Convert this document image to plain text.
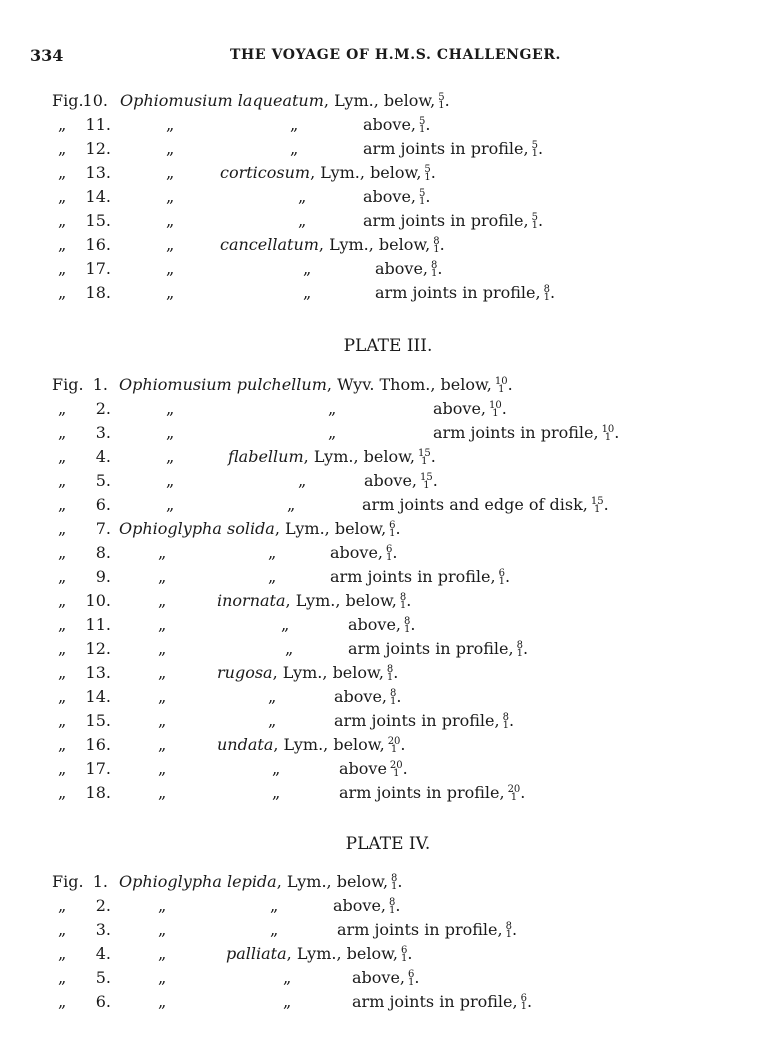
334	THE VOYAGE OF H.M.S. CHALLENGER.
Fig. 10. Ophiomusium laqueatum, Lym., below, 5
1 .
„	11.	„	„	above, 5
1 .
„	12.	„	„	arm joints in profile, 5
1 .
„	13.	„	corticosum, Lym., below, 5
1 .
„	14.	„	„	above, 5
1 .
„	15.	„	„	arm joints in profile, 5
1 .
„	16.	„	cancellatum, Lym., below, 8
1 .
„	17.	„	„	above, 8
1 .
„	18.	„	„	arm joints in profile, 8
1 .
PLATE III.
Fig. 1. Ophiomusium pulchellum, Wyv. Thom., below, 10
1 .
„	2.	„	„	above, 10
1 .
„	3.	„	„	arm joints in profile, 10
1 .
„	4.	„	flabellum, Lym., below, 15
1 .
„	5.	„	„	above, 15
1 .
„	6.	„	„	arm joints and edge of disk, 15
1 .
„	7. Ophioglypha solida, Lym., below, 6
1 .
„	8.	„	„	above, 6
1 .
„	9.	„	„	arm joints in profile, 6
1 .
„	10.	„	inornata, Lym., below, 8
1 .
„	11.	„	„	above, 8
1 .
„	12.	„	„	arm joints in profile, 8
1 .
„	13.	„	rugosa, Lym., below, 8
1 .
„	14.	„	„	above, 8
1 .
„	15.	„	„	arm joints in profile, 8
1 .
„	16.	„	undata, Lym., below, 20
1 .
„	17.	„	„	above 20
1 .
„	18.	„	„	arm joints in profile, 20
1 .
PLATE IV.
Fig. 1. Ophioglypha lepida, Lym., below, 8
1 .
„	2.	„	„	above, 8
1 .
„	3.	„	„	arm joints in profile, 8
1 .
„	4.	„	palliata, Lym., below, 6
1 .
„	5.	„	„	above, 6
1 .
„	6.	„	„	arm joints in profile, 6
1 .
